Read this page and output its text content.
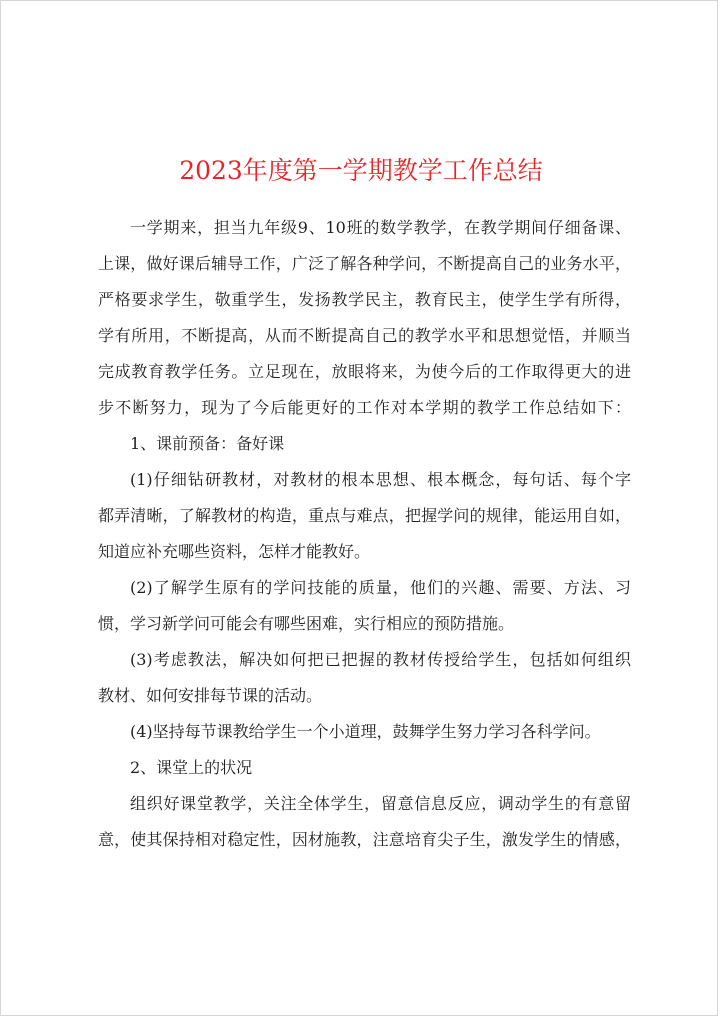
2023年度第一学期教学工作总结
一学期来，担当九年级9、10班的数学教学，在教学期间仔细备课、
上课，做好课后辅导工作，广泛了解各种学问，不断提高自己的业务水平，
严格要求学生，敬重学生，发扬教学民主，教育民主，使学生学有所得，
学有所用，不断提高，从而不断提高自己的教学水平和思想觉悟，并顺当
完成教育教学任务。立足现在，放眼将来，为使今后的工作取得更大的进
步不断努力，现为了今后能更好的工作对本学期的教学工作总结如下：
1、课前预备：备好课
(1)仔细钻研教材，对教材的根本思想、根本概念，每句话、每个字
都弄清晰，了解教材的构造，重点与难点，把握学问的规律，能运用自如，
知道应补充哪些资料，怎样才能教好。
(2)了解学生原有的学问技能的质量，他们的兴趣、需要、方法、习
惯，学习新学问可能会有哪些困难，实行相应的预防措施。
(3)考虑教法，解决如何把已把握的教材传授给学生，包括如何组织
教材、如何安排每节课的活动。
(4)坚持每节课教给学生一个小道理，鼓舞学生努力学习各科学问。
2、课堂上的状况
组织好课堂教学，关注全体学生，留意信息反应，调动学生的有意留
意，使其保持相对稳定性，因材施教，注意培育尖子生，激发学生的情感，
